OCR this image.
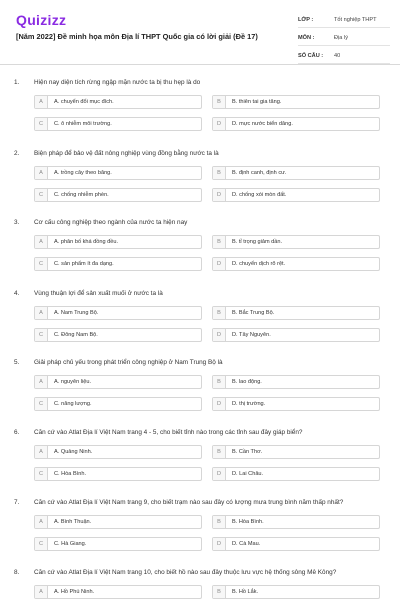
Quizizz
[Năm 2022] Đề minh họa môn Địa lí THPT Quốc gia có lời giải (Đề 17)
LỚP :	Tốt nghiệp THPT
MÔN :	Địa lý
SỐ CÂU :	40
1. Hiện nay diện tích rừng ngập mặn nước ta bị thu hẹp là do
A	A. chuyển đổi mục đích.	B	B. thiên tai gia tăng.
C	C. ô nhiễm môi trường.	D	D. mực nước biển dâng.
2. Biện pháp để bảo vệ đất nông nghiệp vùng đồng bằng nước ta là
A	A. trồng cây theo băng.	B	B. định canh, định cư.
C	C. chống nhiễm phèn.	D	D. chống xói mòn đất.
3. Cơ cấu công nghiệp theo ngành của nước ta hiện nay
A	A. phân bố khá đồng đều.	B	B. tỉ trọng giảm dần.
C	C. sản phẩm ít đa dạng.	D	D. chuyển dịch rõ rệt.
4. Vùng thuận lợi để sản xuất muối ở nước ta là
A	A. Nam Trung Bộ.	B	B. Bắc Trung Bộ.
C	C. Đông Nam Bộ.	D	D. Tây Nguyên.
5. Giải pháp chủ yếu trong phát triển công nghiệp ở Nam Trung Bộ là
A	A. nguyên liệu.	B	B. lao động.
C	C. năng lượng.	D	D. thị trường.
6. Căn cứ vào Atlat Địa lí Việt Nam trang 4 - 5, cho biết tỉnh nào trong các tỉnh sau đây giáp biển?
A	A. Quảng Ninh.	B	B. Cần Thơ.
C	C. Hòa Bình.	D	D. Lai Châu.
7. Căn cứ vào Atlat Địa lí Việt Nam trang 9, cho biết trạm nào sau đây có lượng mưa trung bình năm thấp nhất?
A	A. Bình Thuận.	B	B. Hòa Bình.
C	C. Hà Giang.	D	D. Cà Mau.
8. Căn cứ vào Atlat Địa lí Việt Nam trang 10, cho biết hồ nào sau đây thuộc lưu vực hệ thống sông Mê Kông?
A	A. Hồ Phú Ninh.	B	B. Hồ Lắk.
